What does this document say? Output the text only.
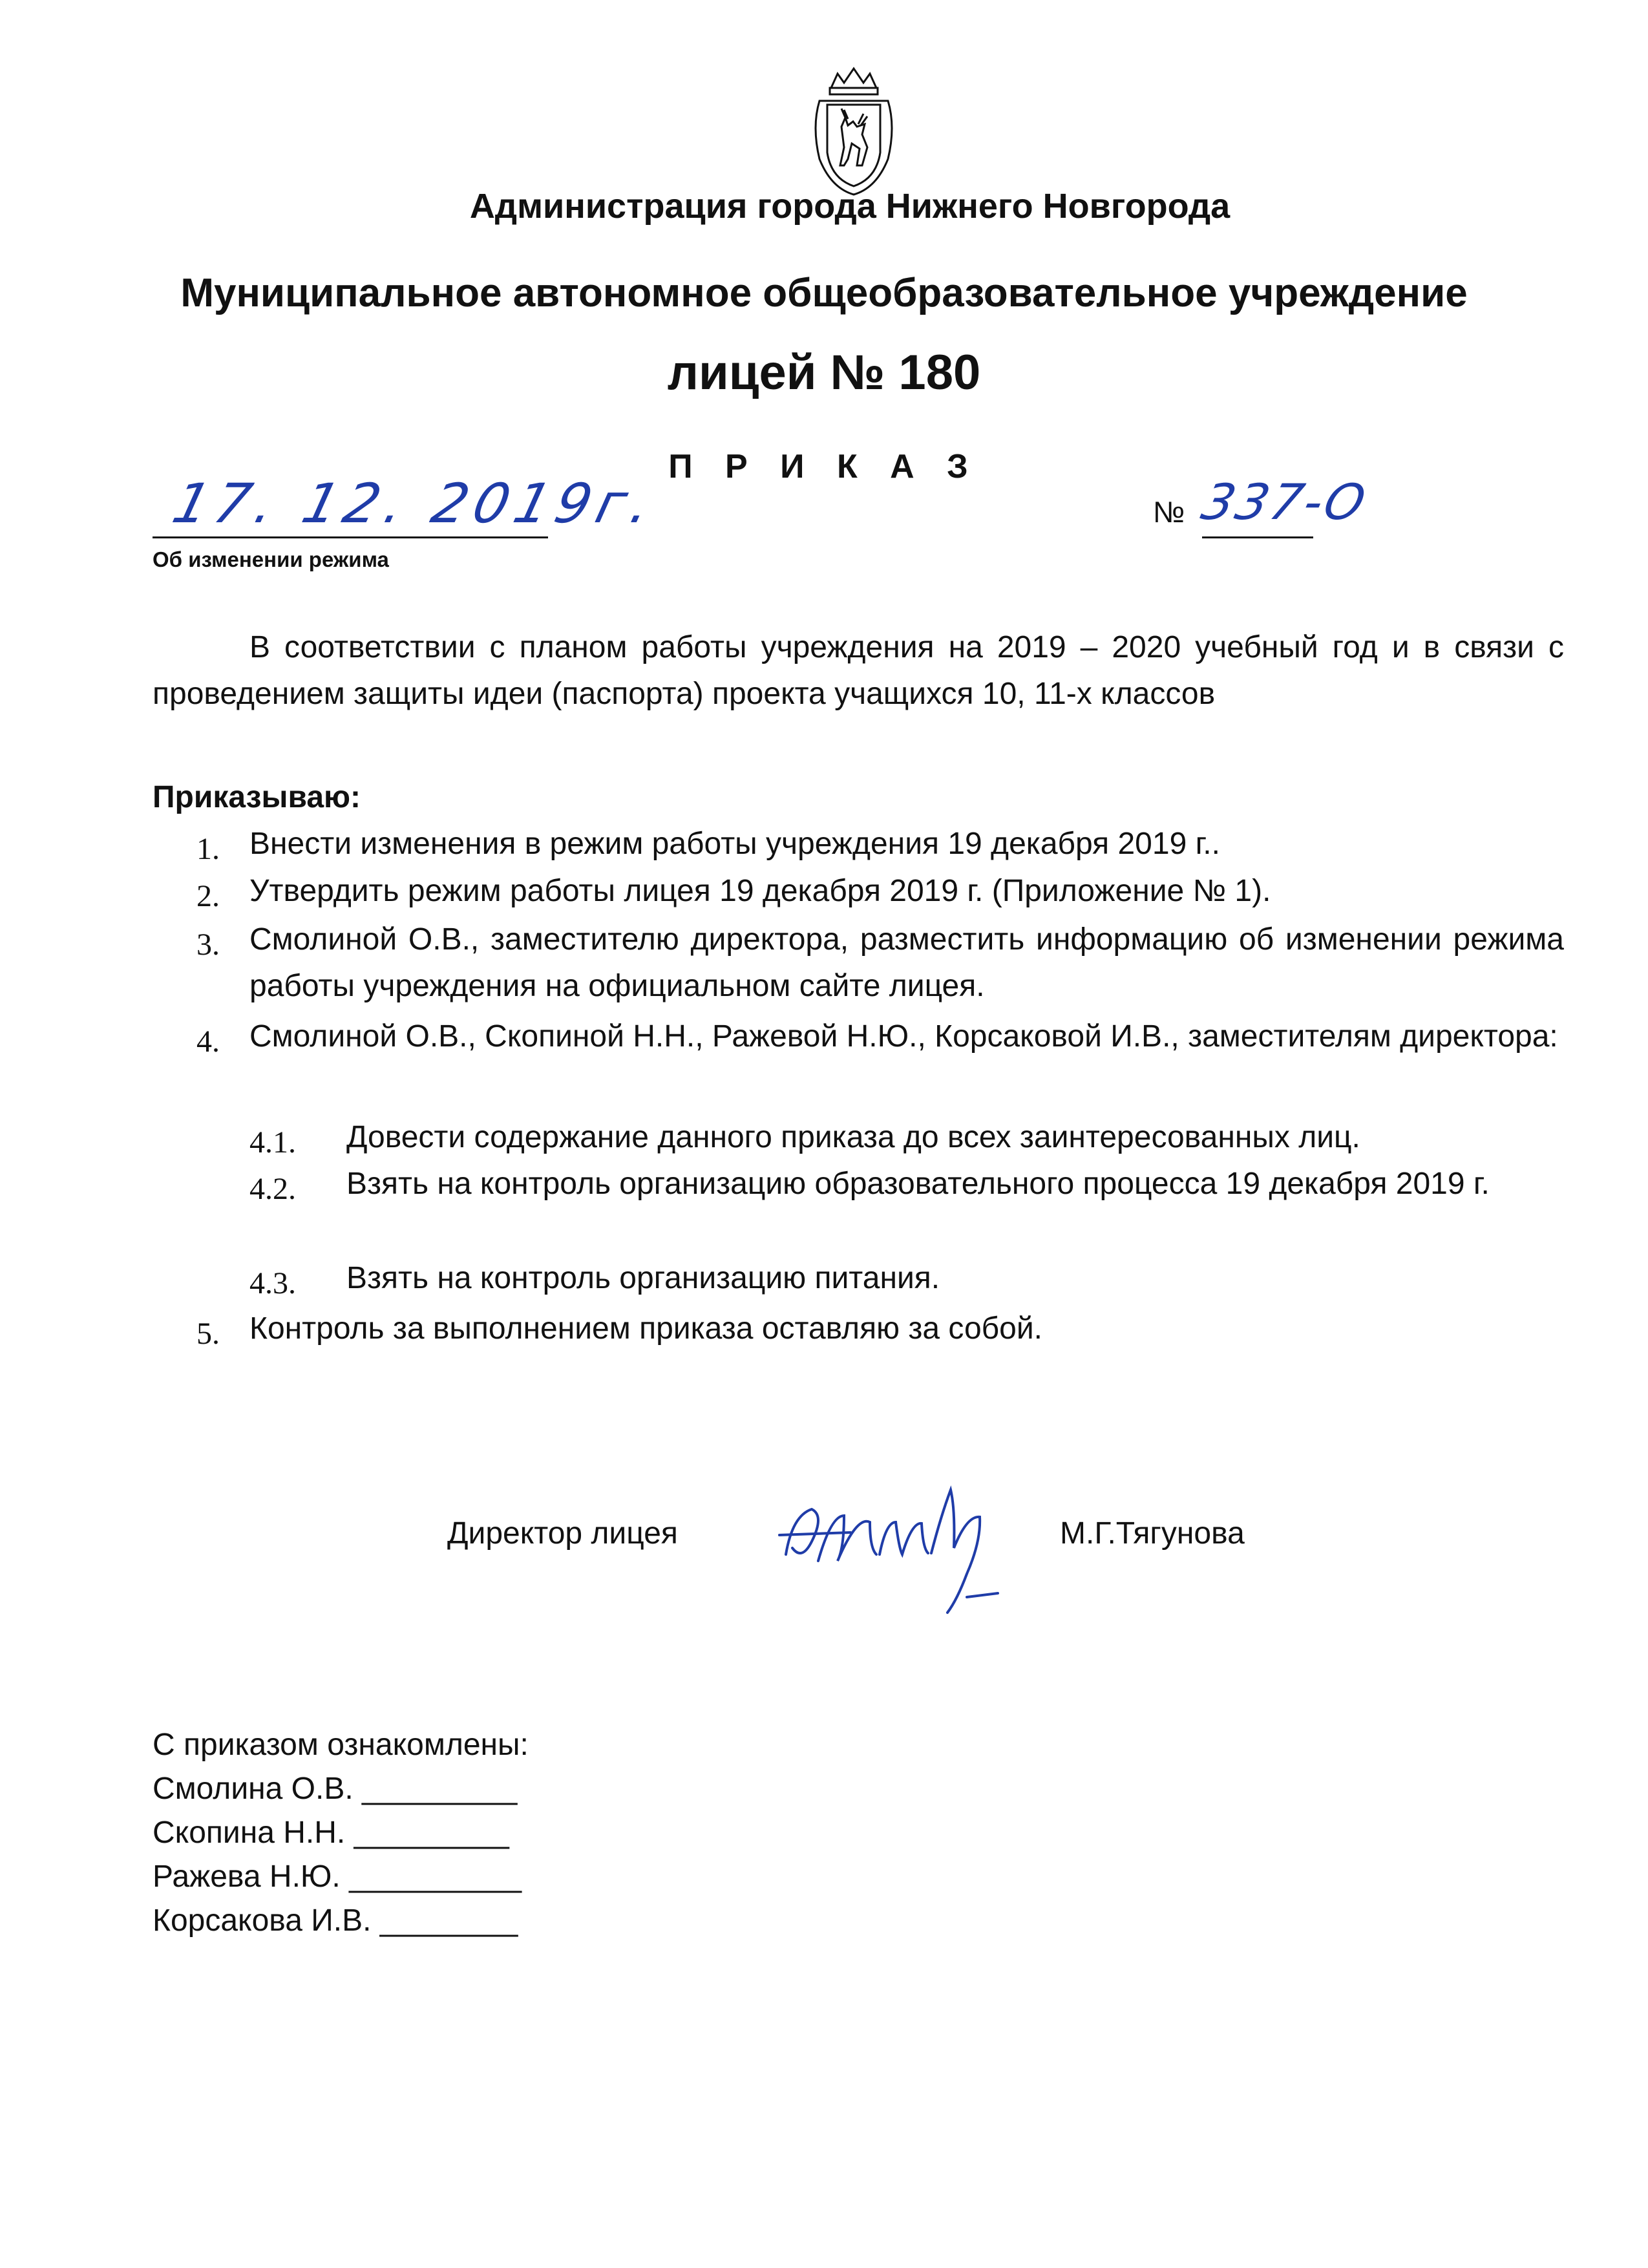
Администрация города Нижнего Новгорода
Муниципальное автономное общеобразовательное учреждение
лицей № 180
П Р И К А З
17. 12. 2019г.	№ 337-О
Об изменении режима
В соответствии с планом работы учреждения на 2019 – 2020 учебный год и в связи с проведением защиты идеи (паспорта) проекта учащихся 10, 11-х классов
Приказываю:
1. Внести изменения в режим работы учреждения 19 декабря 2019 г..
2. Утвердить режим работы лицея 19 декабря 2019 г. (Приложение № 1).
3. Смолиной О.В., заместителю директора, разместить информацию об изменении режима работы учреждения на официальном сайте лицея.
4. Смолиной О.В., Скопиной Н.Н., Ражевой Н.Ю., Корсаковой И.В., заместителям директора:
4.1. Довести содержание данного приказа до всех заинтересованных лиц.
4.2. Взять на контроль организацию образовательного процесса 19 декабря 2019 г.
4.3. Взять на контроль организацию питания.
5. Контроль за выполнением приказа оставляю за собой.
Директор лицея	М.Г.Тягунова
С приказом ознакомлены:
Смолина О.В. _________
Скопина Н.Н. _________
Ражева Н.Ю. __________
Корсакова И.В. ________
